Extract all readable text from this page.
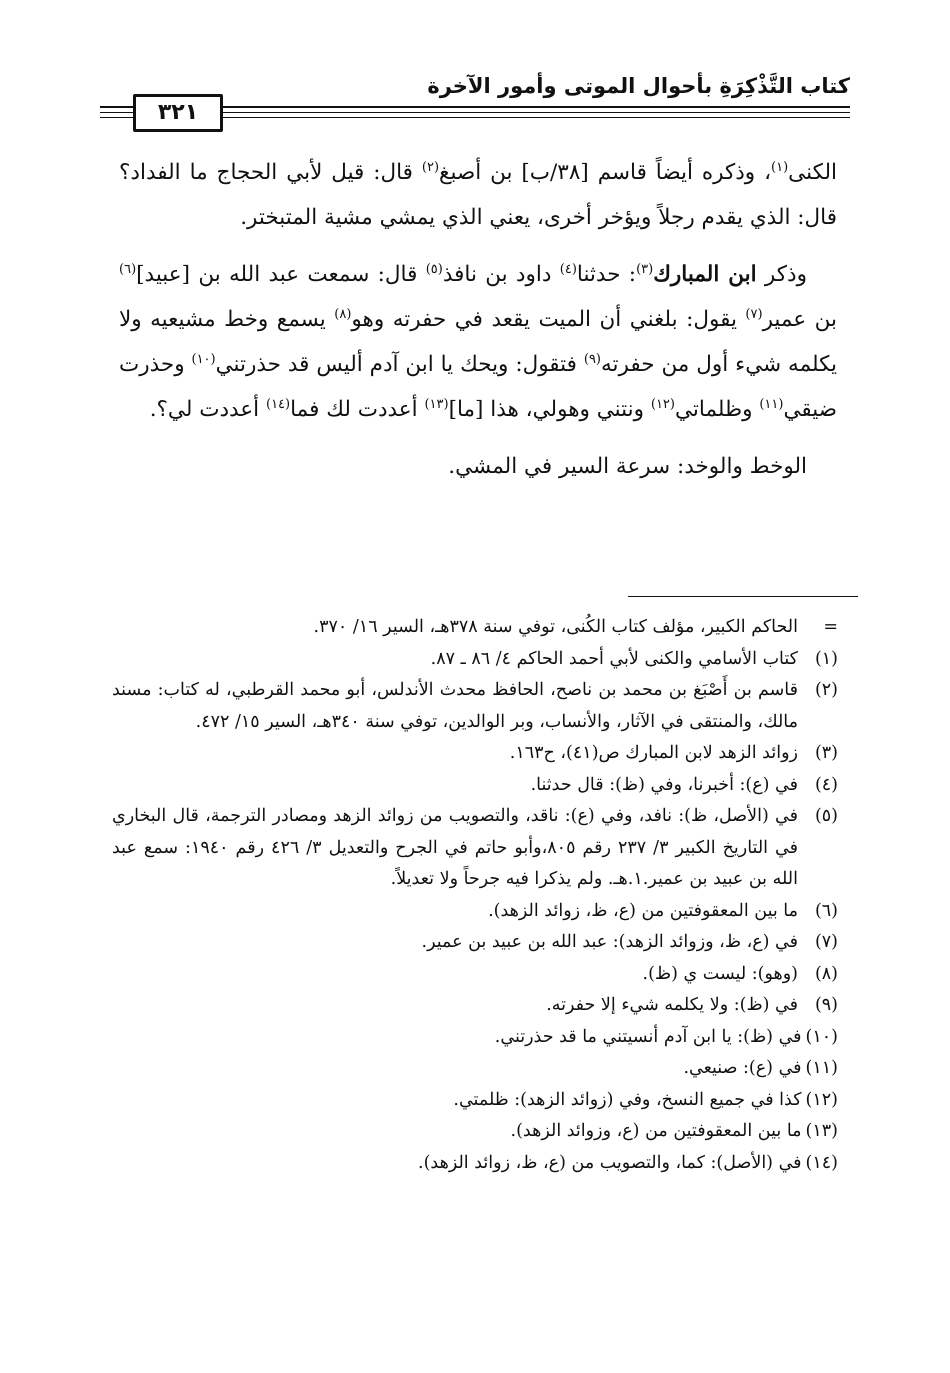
كتاب التَّذْكِرَةِ بأحوال الموتى وأمور الآخرة
٣٢١

الكنى$^{(١)}$، وذكره أيضاً قاسم [٣٨/ب] بن أصبغ$^{(٢)}$ قال: قيل لأبي الحجاج ما الفداد؟ قال: الذي يقدم رجلاً ويؤخر أخرى، يعني الذي يمشي مشية المتبختر.

وذكر ابن المبارك$^{(٣)}$: حدثنا$^{(٤)}$ داود بن نافذ$^{(٥)}$ قال: سمعت عبد الله بن [عبيد]$^{(٦)}$ بن عمير$^{(٧)}$ يقول: بلغني أن الميت يقعد في حفرته وهو$^{(٨)}$ يسمع وخط مشيعيه ولا يكلمه شيء أول من حفرته$^{(٩)}$ فتقول: ويحك يا ابن آدم أليس قد حذرتني$^{(١٠)}$ وحذرت ضيقي$^{(١١)}$ وظلماتي$^{(١٢)}$ ونتني وهولي، هذا [ما]$^{(١٣)}$ أعددت لك فما$^{(١٤)}$ أعددت لي؟.

الوخط والوخد: سرعة السير في المشي.

=
الحاكم الكبير، مؤلف كتاب الكُنى، توفي سنة ٣٧٨هـ، السير ١٦/ ٣٧٠.
(١)
كتاب الأسامي والكنى لأبي أحمد الحاكم ٤/ ٨٦ ـ ٨٧.
(٢)
قاسم بن أَصْبَغ بن محمد بن ناصح، الحافظ محدث الأندلس، أبو محمد القرطبي، له كتاب: مسند مالك، والمنتقى في الآثار، والأنساب، وبر الوالدين، توفي سنة ٣٤٠هـ، السير ١٥/ ٤٧٢.
(٣)
زوائد الزهد لابن المبارك ص(٤١)، ح١٦٣.
(٤)
في (ع): أخبرنا، وفي (ظ): قال حدثنا.
(٥)
في (الأصل، ظ): نافد، وفي (ع): ناقد، والتصويب من زوائد الزهد ومصادر الترجمة، قال البخاري في التاريخ الكبير ٣/ ٢٣٧ رقم ٨٠٥،وأبو حاتم في الجرح والتعديل ٣/ ٤٢٦ رقم ١٩٤٠: سمع عبد الله بن عبيد بن عمير.١.هـ. ولم يذكرا فيه جرحاً ولا تعديلاً.
(٦)
ما بين المعقوفتين من (ع، ظ، زوائد الزهد).
(٧)
في (ع، ظ، وزوائد الزهد): عبد الله بن عبيد بن عمير.
(٨)
(وهو): ليست ي (ظ).
(٩)
في (ظ): ولا يكلمه شيء إلا حفرته.
(١٠)في (ظ): يا ابن آدم أنسيتني ما قد حذرتني.
(١١)في (ع): صنيعي.
(١٢)كذا في جميع النسخ، وفي (زوائد الزهد): ظلمتي.
(١٣)ما بين المعقوفتين من (ع، وزوائد الزهد).
(١٤)في (الأصل): كما، والتصويب من (ع، ظ، زوائد الزهد).
